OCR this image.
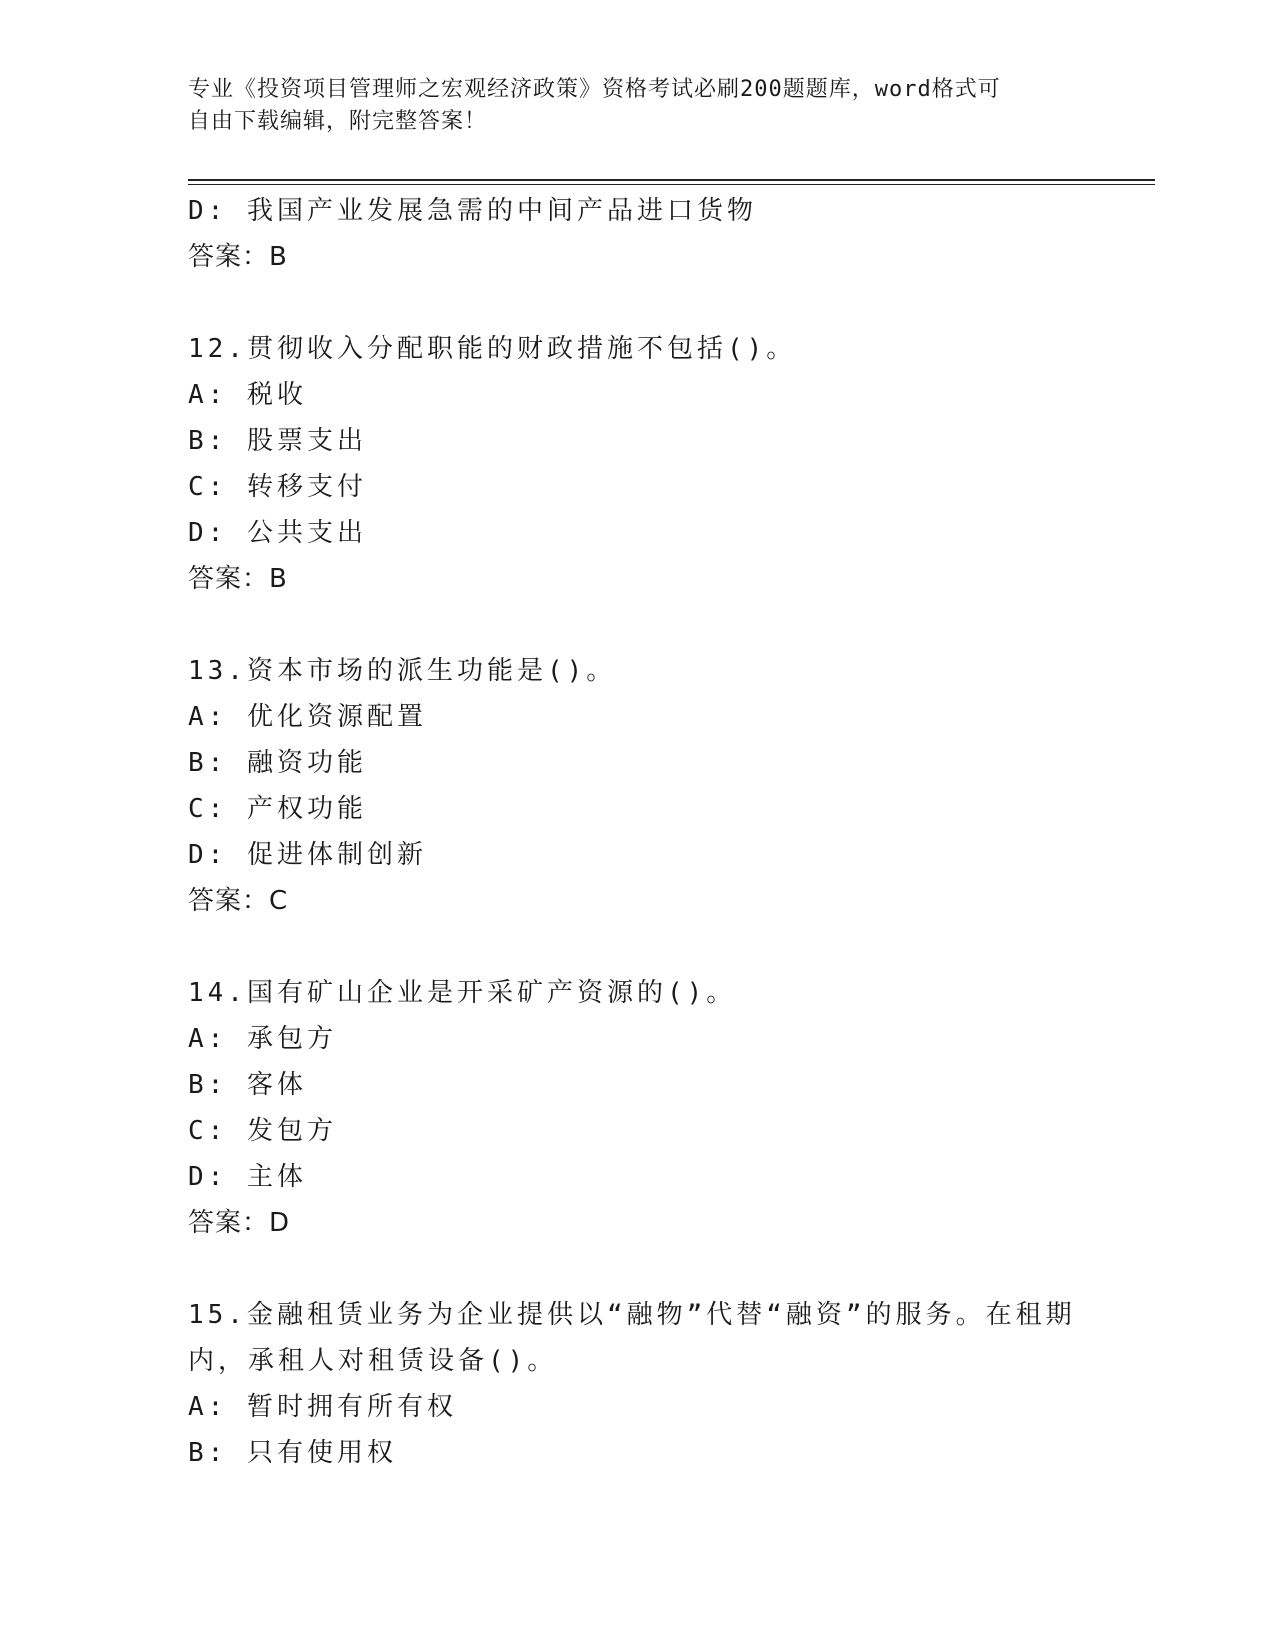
专业《投资项目管理师之宏观经济政策》资格考试必刷200题题库，word格式可
自由下载编辑，附完整答案！
D: 我国产业发展急需的中间产品进口货物
答案：B
12.贯彻收入分配职能的财政措施不包括()。
A: 税收
B: 股票支出
C: 转移支付
D: 公共支出
答案：B
13.资本市场的派生功能是()。
A: 优化资源配置
B: 融资功能
C: 产权功能
D: 促进体制创新
答案：C
14.国有矿山企业是开采矿产资源的()。
A: 承包方
B: 客体
C: 发包方
D: 主体
答案：D
15.金融租赁业务为企业提供以“融物”代替“融资”的服务。在租期
内，承租人对租赁设备()。
A: 暂时拥有所有权
B: 只有使用权
